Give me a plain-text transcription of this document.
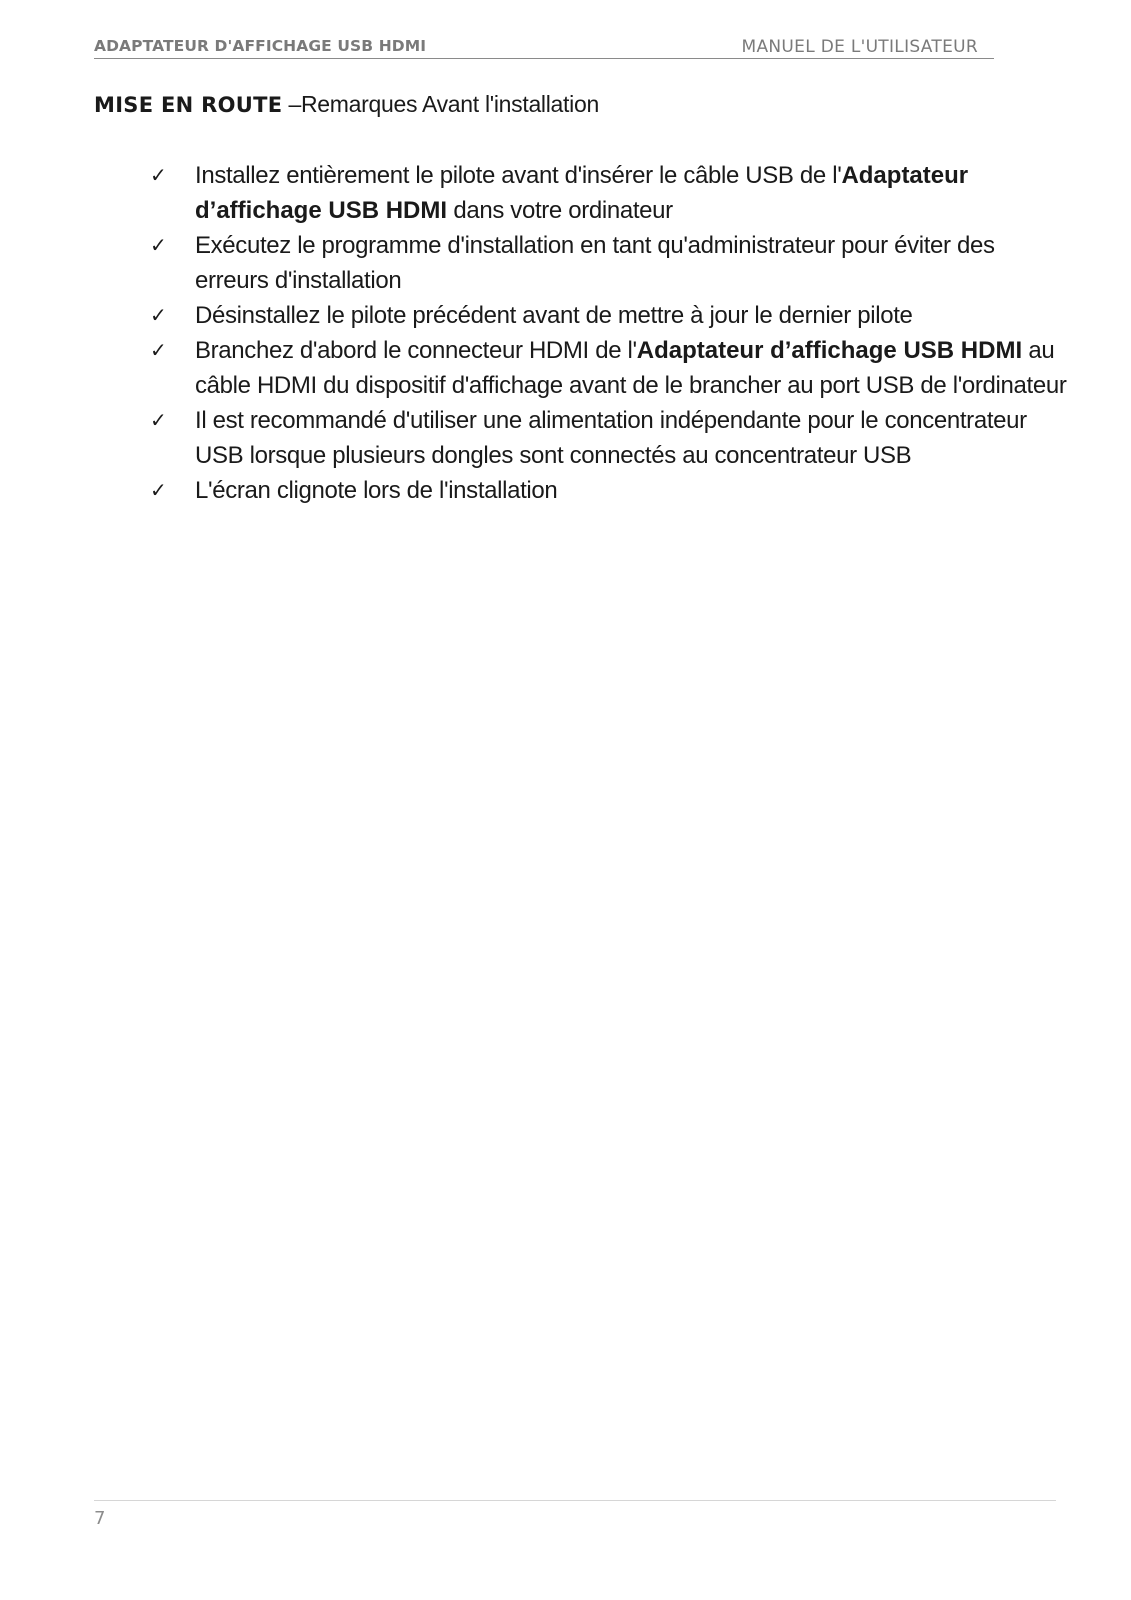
ADAPTATEUR D'AFFICHAGE USB HDMI	MANUEL DE L'UTILISATEUR
MISE EN ROUTE –Remarques Avant l'installation
✓ Installez entièrement le pilote avant d'insérer le câble USB de l'Adaptateur d’affichage USB HDMI dans votre ordinateur
✓ Exécutez le programme d'installation en tant qu'administrateur pour éviter des erreurs d'installation
✓ Désinstallez le pilote précédent avant de mettre à jour le dernier pilote
✓ Branchez d'abord le connecteur HDMI de l'Adaptateur d’affichage USB HDMI au câble HDMI du dispositif d'affichage avant de le brancher au port USB de l'ordinateur
✓ Il est recommandé d'utiliser une alimentation indépendante pour le concentrateur USB lorsque plusieurs dongles sont connectés au concentrateur USB
✓ L'écran clignote lors de l'installation
7
